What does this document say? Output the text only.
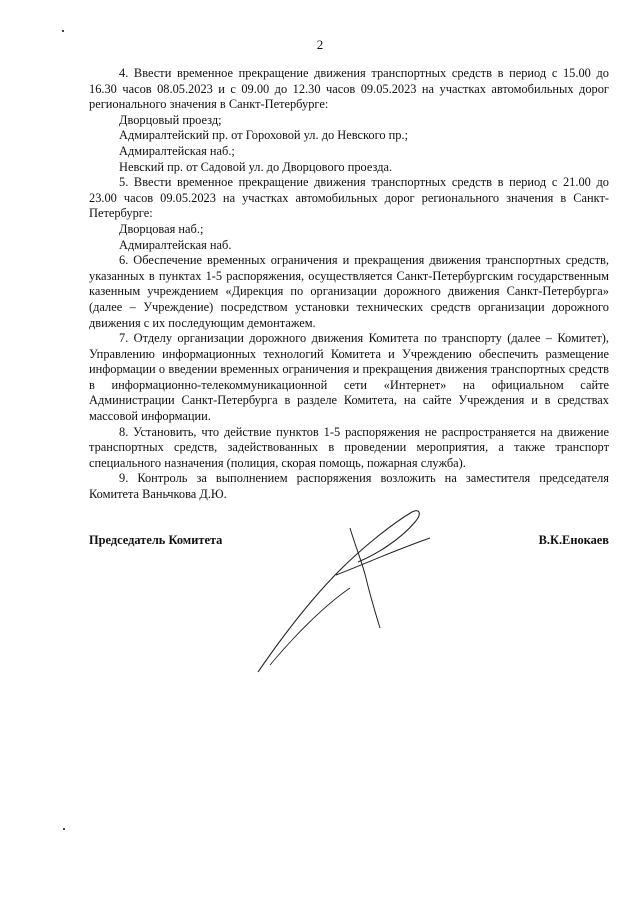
2

4. Ввести временное прекращение движения транспортных средств в период с 15.00 до 16.30 часов 08.05.2023 и с 09.00 до 12.30 часов 09.05.2023 на участках автомобильных дорог регионального значения в Санкт-Петербурге:

Дворцовый проезд;

Адмиралтейский пр. от Гороховой ул. до Невского пр.;

Адмиралтейская наб.;

Невский пр. от Садовой ул. до Дворцового проезда.

5. Ввести временное прекращение движения транспортных средств в период с 21.00 до 23.00 часов 09.05.2023 на участках автомобильных дорог регионального значения в Санкт-Петербурге:

Дворцовая наб.;

Адмиралтейская наб.

6. Обеспечение временных ограничения и прекращения движения транспортных средств, указанных в пунктах 1-5 распоряжения, осуществляется Санкт-Петербургским государственным казенным учреждением «Дирекция по организации дорожного движения Санкт-Петербурга» (далее – Учреждение) посредством установки технических средств организации дорожного движения с их последующим демонтажем.

7. Отделу организации дорожного движения Комитета по транспорту (далее – Комитет), Управлению информационных технологий Комитета и Учреждению обеспечить размещение информации о введении временных ограничения и прекращения движения транспортных средств в информационно-телекоммуникационной сети «Интернет» на официальном сайте Администрации Санкт-Петербурга в разделе Комитета, на сайте Учреждения и в средствах массовой информации.

8. Установить, что действие пунктов 1-5 распоряжения не распространяется на движение транспортных средств, задействованных в проведении мероприятия, а также транспорт специального назначения (полиция, скорая помощь, пожарная служба).

9. Контроль за выполнением распоряжения возложить на заместителя председателя Комитета Ваньчкова Д.Ю.

Председатель Комитета	В.К.Енокаев
